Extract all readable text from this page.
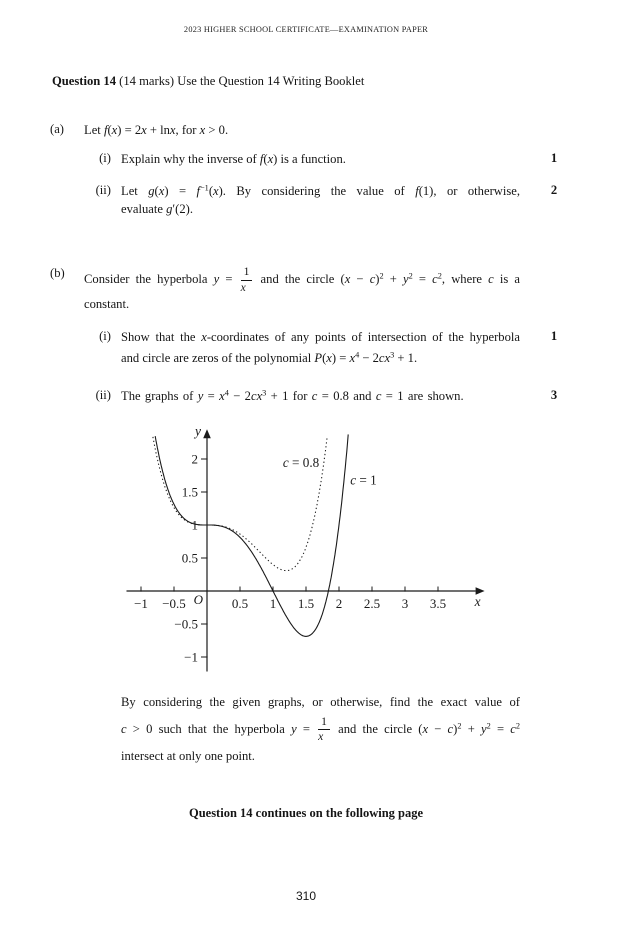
2023 HIGHER SCHOOL CERTIFICATE—EXAMINATION PAPER
Question 14 (14 marks) Use the Question 14 Writing Booklet
(a) Let f(x) = 2x + lnx, for x > 0.
(i) Explain why the inverse of f(x) is a function.	1
(ii) Let $g(x) = f^{-1}(x)$. By considering the value of f(1), or otherwise,
evaluate g′(2).
2
(b) Consider the hyperbola $y = \frac{1}{x}$ and the circle $(x - c)^2 + y^2 = c^2$, where c is a
constant.
(i) Show that the x-coordinates of any points of intersection of the hyperbola
and circle are zeros of the polynomial $P(x) = x^4 - 2cx^3 + 1$.
1
(ii) The graphs of $y = x^4 - 2cx^3 + 1$ for c = 0.8 and c = 1 are shown.	3
−1 −0.5	0.5 1 1.5 2 2.5 3 3.5
−1
−0.5
0.5
1
1.5
2
O	x
y
c = 0.8
c = 1
By considering the given graphs, or otherwise, find the exact value of
c > 0 such that the hyperbola $y = \frac{1}{x}$ and the circle $(x - c)^2 + y^2 = c^2$
intersect at only one point.
Question 14 continues on the following page
310
